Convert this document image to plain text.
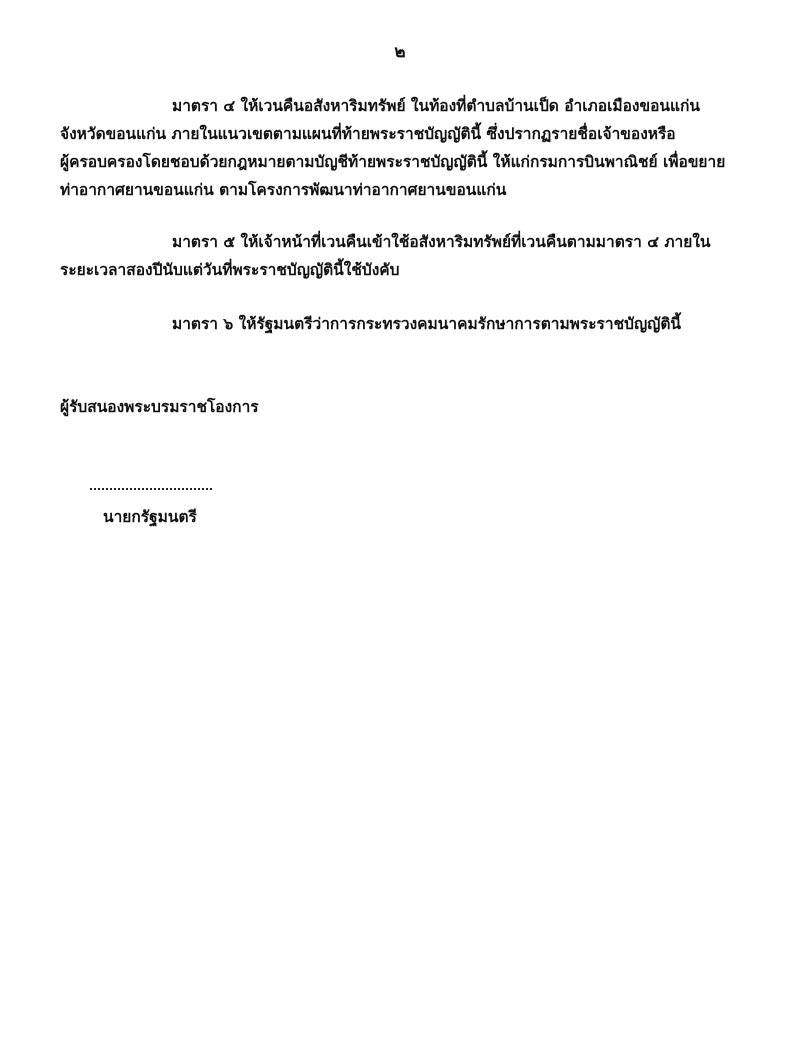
๒
มาตรา ๔ ให้เวนคืนอสังหาริมทรัพย์ ในท้องที่ตำบลบ้านเป็ด อำเภอเมืองขอนแก่น
จังหวัดขอนแก่น ภายในแนวเขตตามแผนที่ท้ายพระราชบัญญัตินี้ ซึ่งปรากฏรายชื่อเจ้าของหรือ
ผู้ครอบครองโดยชอบด้วยกฎหมายตามบัญชีท้ายพระราชบัญญัตินี้ ให้แก่กรมการบินพาณิชย์ เพื่อขยาย
ท่าอากาศยานขอนแก่น ตามโครงการพัฒนาท่าอากาศยานขอนแก่น
มาตรา ๕ ให้เจ้าหน้าที่เวนคืนเข้าใช้อสังหาริมทรัพย์ที่เวนคืนตามมาตรา ๔ ภายใน
ระยะเวลาสองปีนับแต่วันที่พระราชบัญญัตินี้ใช้บังคับ
มาตรา ๖ ให้รัฐมนตรีว่าการกระทรวงคมนาคมรักษาการตามพระราชบัญญัตินี้
ผู้รับสนองพระบรมราชโองการ
นายกรัฐมนตรี
